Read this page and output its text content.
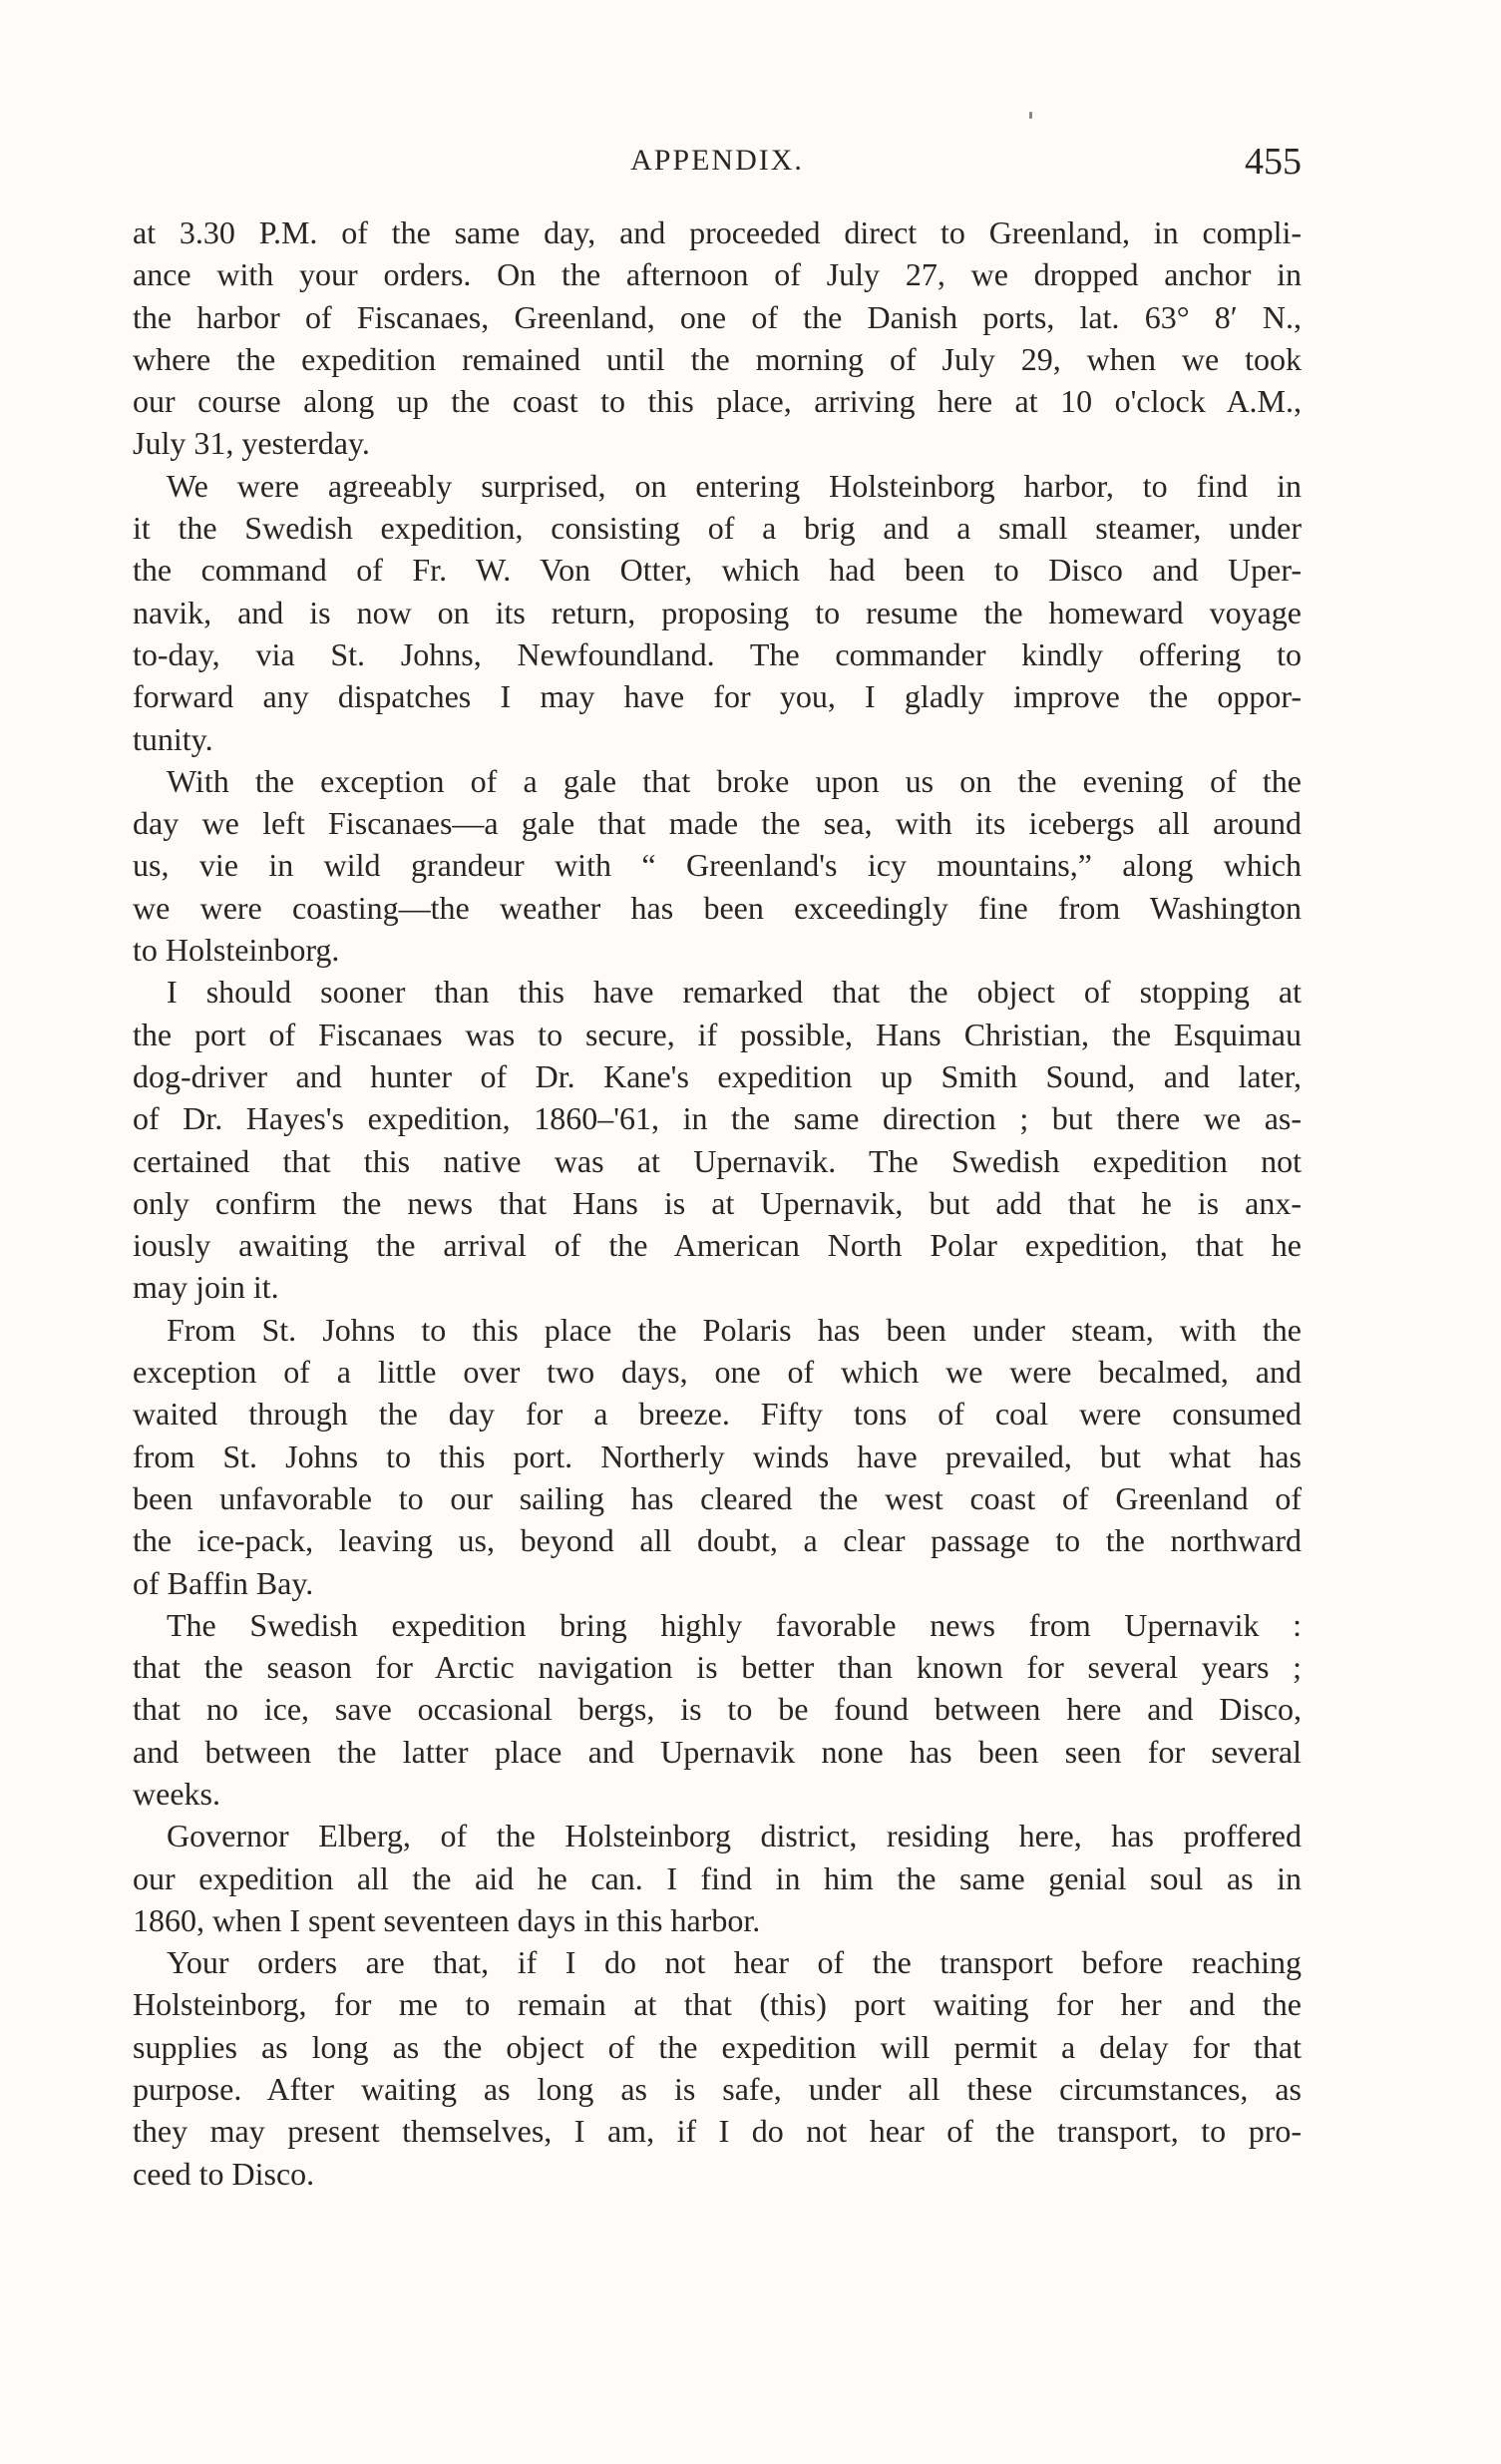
APPENDIX.	455
at 3.30 P.M. of the same day, and proceeded direct to Greenland, in compli-
ance with your orders. On the afternoon of July 27, we dropped anchor in
the harbor of Fiscanaes, Greenland, one of the Danish ports, lat. 63° 8′ N.,
where the expedition remained until the morning of July 29, when we took
our course along up the coast to this place, arriving here at 10 o'clock A.M.,
July 31, yesterday.
We were agreeably surprised, on entering Holsteinborg harbor, to find in
it the Swedish expedition, consisting of a brig and a small steamer, under
the command of Fr. W. Von Otter, which had been to Disco and Uper-
navik, and is now on its return, proposing to resume the homeward voyage
to-day, via St. Johns, Newfoundland. The commander kindly offering to
forward any dispatches I may have for you, I gladly improve the oppor-
tunity.
With the exception of a gale that broke upon us on the evening of the
day we left Fiscanaes—a gale that made the sea, with its icebergs all around
us, vie in wild grandeur with “ Greenland's icy mountains,” along which
we were coasting—the weather has been exceedingly fine from Washington
to Holsteinborg.
I should sooner than this have remarked that the object of stopping at
the port of Fiscanaes was to secure, if possible, Hans Christian, the Esquimau
dog-driver and hunter of Dr. Kane's expedition up Smith Sound, and later,
of Dr. Hayes's expedition, 1860–'61, in the same direction ; but there we as-
certained that this native was at Upernavik. The Swedish expedition not
only confirm the news that Hans is at Upernavik, but add that he is anx-
iously awaiting the arrival of the American North Polar expedition, that he
may join it.
From St. Johns to this place the Polaris has been under steam, with the
exception of a little over two days, one of which we were becalmed, and
waited through the day for a breeze. Fifty tons of coal were consumed
from St. Johns to this port. Northerly winds have prevailed, but what has
been unfavorable to our sailing has cleared the west coast of Greenland of
the ice-pack, leaving us, beyond all doubt, a clear passage to the northward
of Baffin Bay.
The Swedish expedition bring highly favorable news from Upernavik :
that the season for Arctic navigation is better than known for several years ;
that no ice, save occasional bergs, is to be found between here and Disco,
and between the latter place and Upernavik none has been seen for several
weeks.
Governor Elberg, of the Holsteinborg district, residing here, has proffered
our expedition all the aid he can. I find in him the same genial soul as in
1860, when I spent seventeen days in this harbor.
Your orders are that, if I do not hear of the transport before reaching
Holsteinborg, for me to remain at that (this) port waiting for her and the
supplies as long as the object of the expedition will permit a delay for that
purpose. After waiting as long as is safe, under all these circumstances, as
they may present themselves, I am, if I do not hear of the transport, to pro-
ceed to Disco.
